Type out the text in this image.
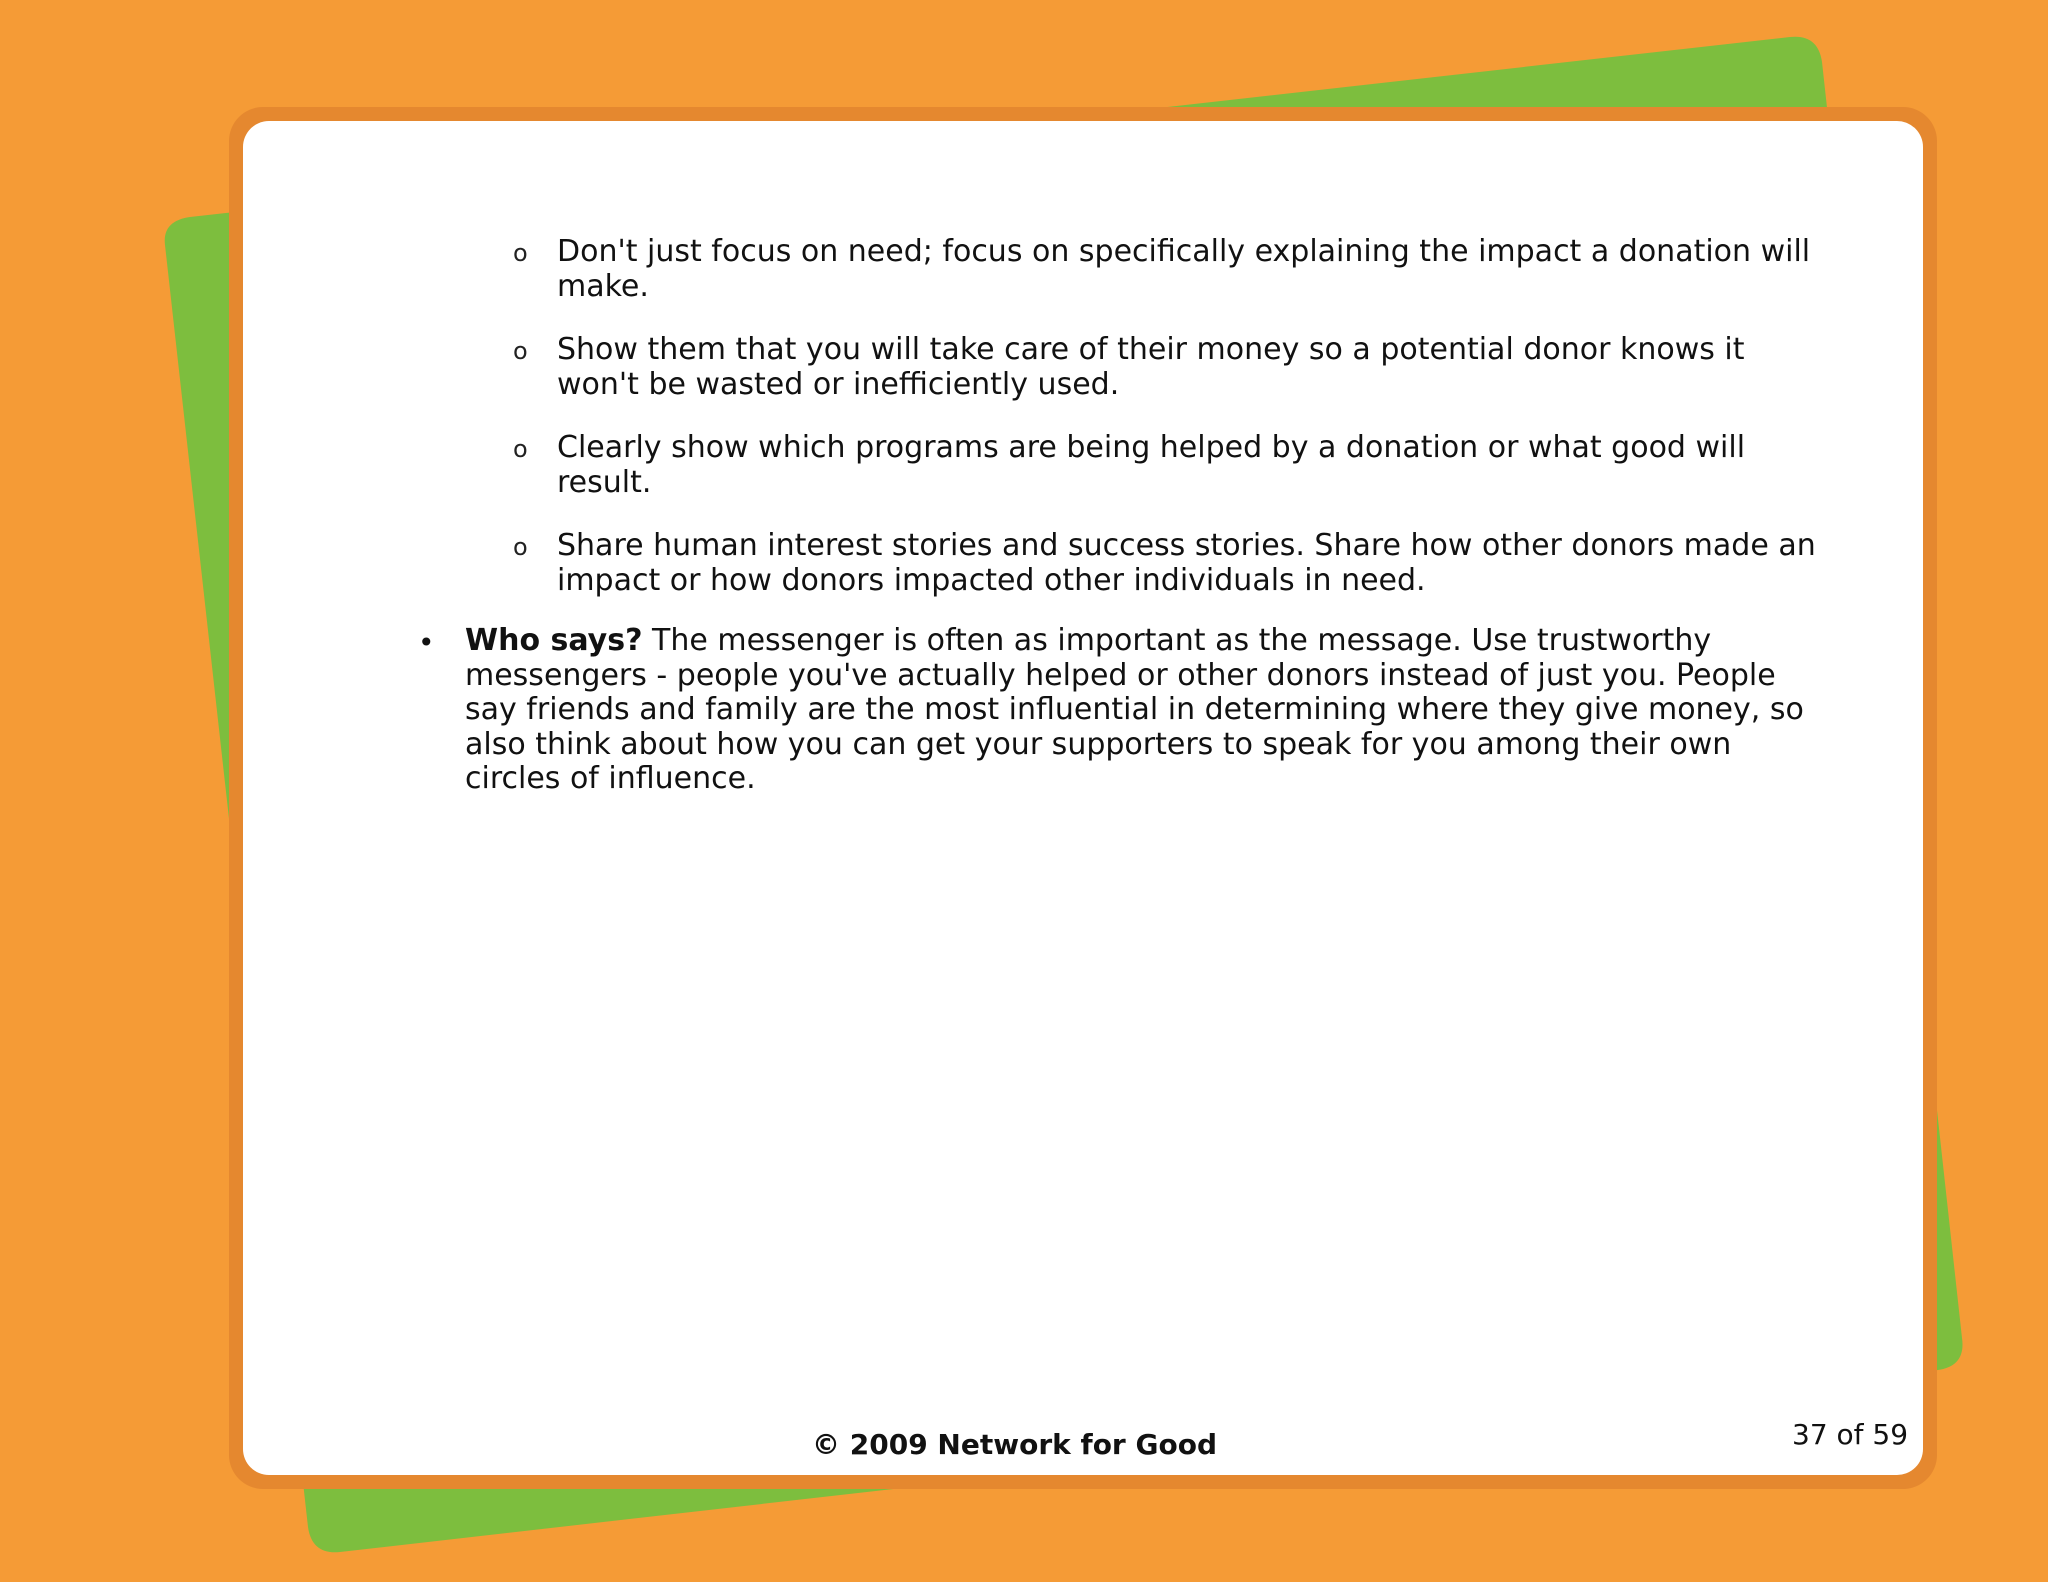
o Don't just focus on need; focus on specifically explaining the impact a donation will
make.
o Show them that you will take care of their money so a potential donor knows it
won't be wasted or inefficiently used.
o Clearly show which programs are being helped by a donation or what good will
result.
o Share human interest stories and success stories. Share how other donors made an
impact or how donors impacted other individuals in need.
• Who says? The messenger is often as important as the message. Use trustworthy
messengers - people you've actually helped or other donors instead of just you. People
say friends and family are the most influential in determining where they give money, so
also think about how you can get your supporters to speak for you among their own
circles of influence.
© 2009 Network for Good	37 of 59
